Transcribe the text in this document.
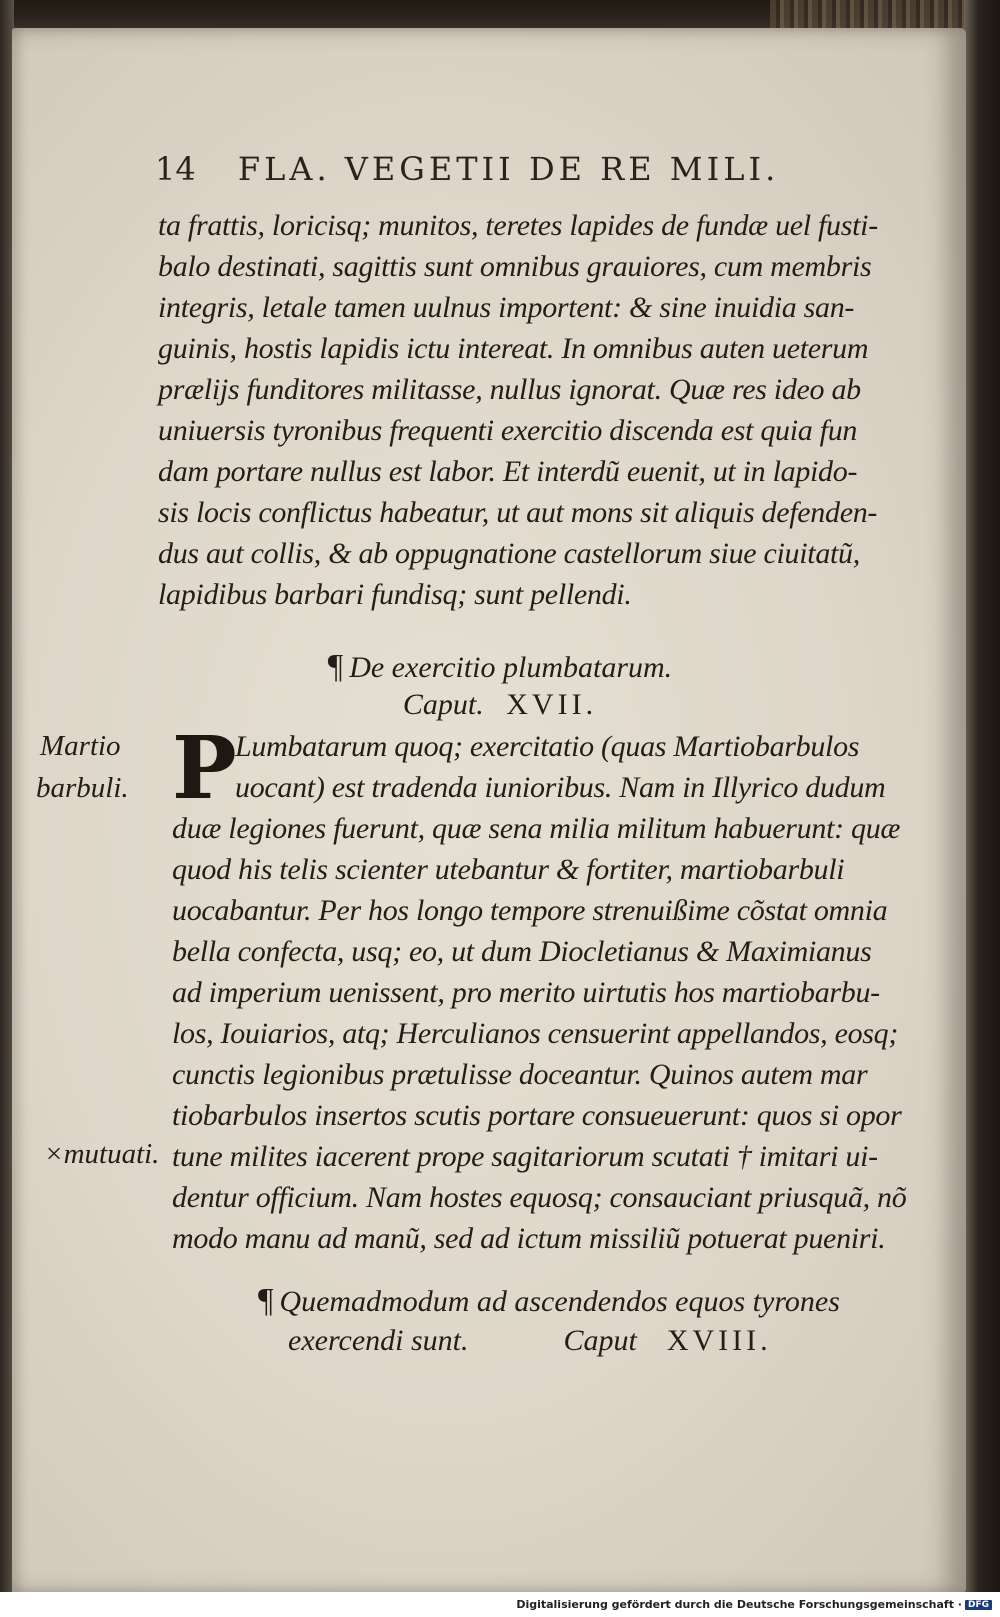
14 FLA. VEGETII DE RE MILI.
ta frattis, loricisq; munitos, teretes lapides de fundæ uel fusti-
balo destinati, sagittis sunt omnibus grauiores, cum membris
integris, letale tamen uulnus importent: & sine inuidia san-
guinis, hostis lapidis ictu intereat. In omnibus auten ueterum
prælijs funditores militasse, nullus ignorat. Quæ res ideo ab
uniuersis tyronibus frequenti exercitio discenda est quia fun
dam portare nullus est labor. Et interdũ euenit, ut in lapido-
sis locis conflictus habeatur, ut aut mons sit aliquis defenden-
dus aut collis, & ab oppugnatione castellorum siue ciuitatũ,
lapidibus barbari fundisq; sunt pellendi.
¶ De exercitio plumbatarum.
Caput. XVII.
Martio
barbuli.
×mutuati.
P
Lumbatarum quoq; exercitatio (quas Martiobarbulos
uocant) est tradenda iunioribus. Nam in Illyrico dudum
duæ legiones fuerunt, quæ sena milia militum habuerunt: quæ
quod his telis scienter utebantur & fortiter, martiobarbuli
uocabantur. Per hos longo tempore strenuißime cõstat omnia
bella confecta, usq; eo, ut dum Diocletianus & Maximianus
ad imperium uenissent, pro merito uirtutis hos martiobarbu-
los, Iouiarios, atq; Herculianos censuerint appellandos, eosq;
cunctis legionibus prætulisse doceantur. Quinos autem mar
tiobarbulos insertos scutis portare consueuerunt: quos si opor
tune milites iacerent prope sagitariorum scutati † imitari ui-
dentur officium. Nam hostes equosq; consauciant priusquã, nõ
modo manu ad manũ, sed ad ictum missiliũ potuerat pueniri.
¶ Quemadmodum ad ascendendos equos tyrones
exercendi sunt.	Caput XVIII.
Digitalisierung gefördert durch die Deutsche Forschungsgemeinschaft · DFG
